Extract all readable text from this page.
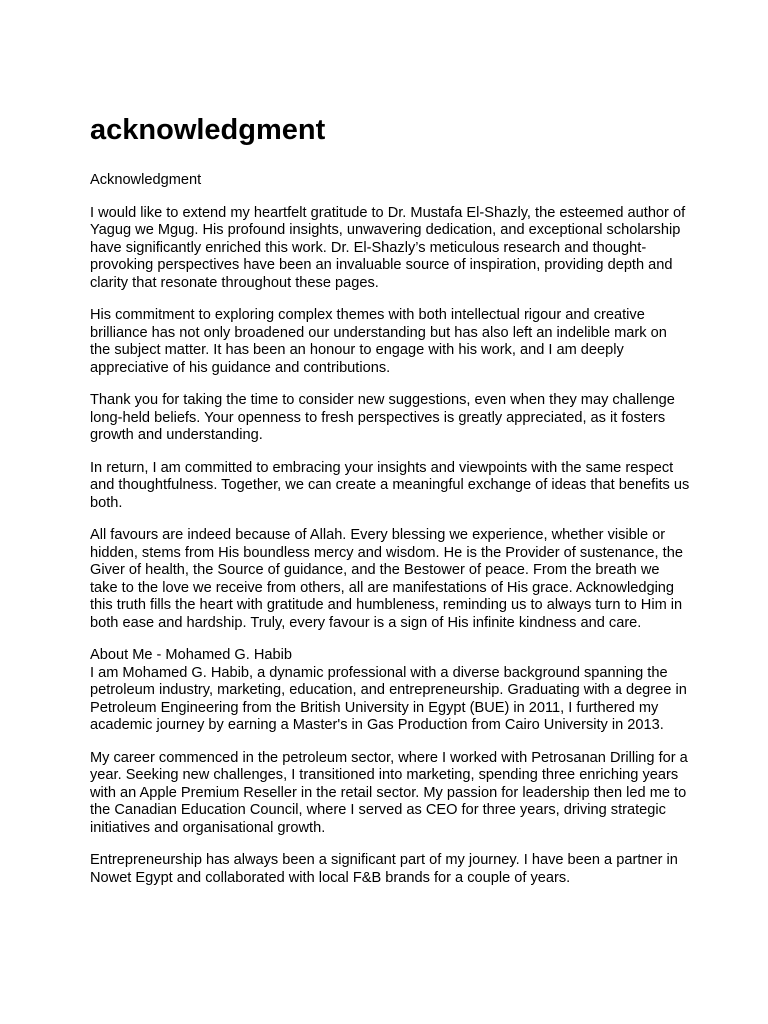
acknowledgment
Acknowledgment

I would like to extend my heartfelt gratitude to Dr. Mustafa El-Shazly, the esteemed author of Yagug we Mgug. His profound insights, unwavering dedication, and exceptional scholarship have significantly enriched this work. Dr. El-Shazly’s meticulous research and thought-provoking perspectives have been an invaluable source of inspiration, providing depth and clarity that resonate throughout these pages.

His commitment to exploring complex themes with both intellectual rigour and creative brilliance has not only broadened our understanding but has also left an indelible mark on the subject matter. It has been an honour to engage with his work, and I am deeply appreciative of his guidance and contributions.

Thank you for taking the time to consider new suggestions, even when they may challenge long-held beliefs. Your openness to fresh perspectives is greatly appreciated, as it fosters growth and understanding.

In return, I am committed to embracing your insights and viewpoints with the same respect and thoughtfulness. Together, we can create a meaningful exchange of ideas that benefits us both.

All favours are indeed because of Allah. Every blessing we experience, whether visible or hidden, stems from His boundless mercy and wisdom. He is the Provider of sustenance, the Giver of health, the Source of guidance, and the Bestower of peace. From the breath we take to the love we receive from others, all are manifestations of His grace. Acknowledging this truth fills the heart with gratitude and humbleness, reminding us to always turn to Him in both ease and hardship. Truly, every favour is a sign of His infinite kindness and care.

About Me - Mohamed G. Habib
I am Mohamed G. Habib, a dynamic professional with a diverse background spanning the petroleum industry, marketing, education, and entrepreneurship. Graduating with a degree in Petroleum Engineering from the British University in Egypt (BUE) in 2011, I furthered my academic journey by earning a Master's in Gas Production from Cairo University in 2013.

My career commenced in the petroleum sector, where I worked with Petrosanan Drilling for a year. Seeking new challenges, I transitioned into marketing, spending three enriching years with an Apple Premium Reseller in the retail sector. My passion for leadership then led me to the Canadian Education Council, where I served as CEO for three years, driving strategic initiatives and organisational growth.

Entrepreneurship has always been a significant part of my journey. I have been a partner in Nowet Egypt and collaborated with local F&B brands for a couple of years.
